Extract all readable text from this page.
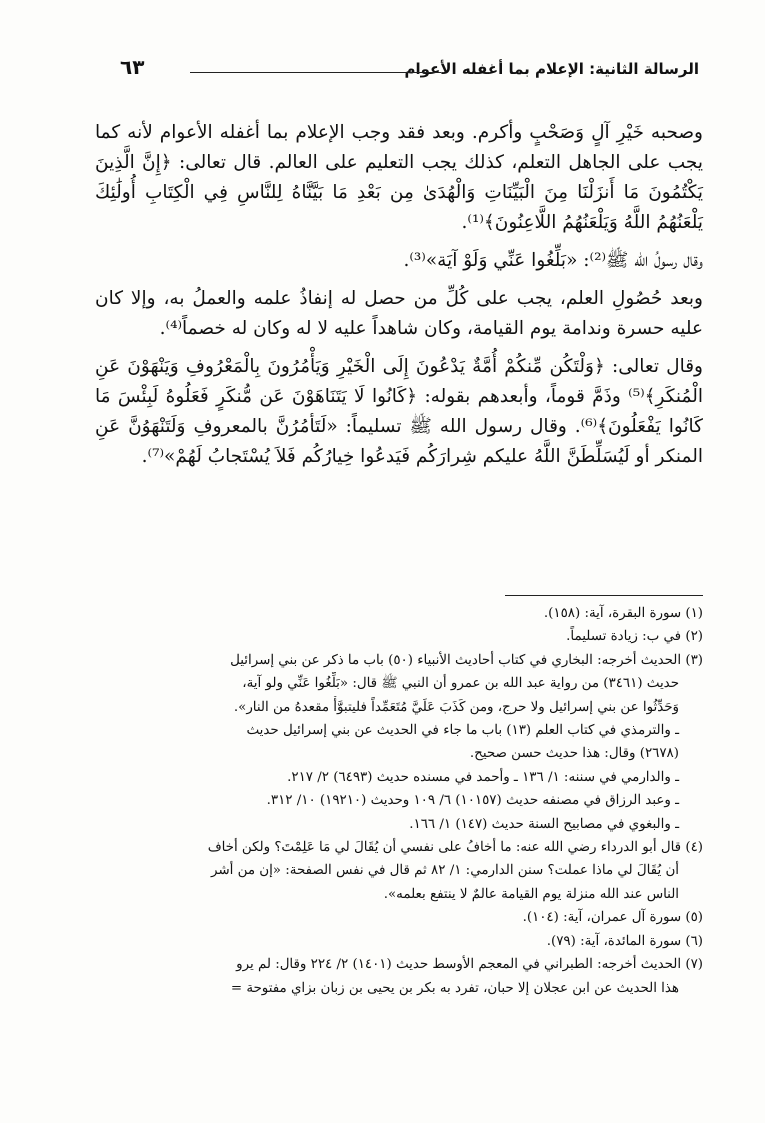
الرسالة الثانية: الإعلام بما أغفله الأعوام
٦٣

وصحبه خَيْرِ آلٍ وَصَحْبٍ وأكرم. وبعد فقد وجب الإعلام بما أغفله الأعوام لأنه كما يجب على الجاهل التعلم، كذلك يجب التعليم على العالم. قال تعالى: ﴿إِنَّ الَّذِينَ يَكْتُمُونَ مَا أَنزَلْنَا مِنَ الْبَيِّنَاتِ وَالْهُدَىٰ مِن بَعْدِ مَا بَيَّنَّاهُ لِلنَّاسِ فِي الْكِتَابِ أُولَٰئِكَ يَلْعَنُهُمُ اللَّهُ وَيَلْعَنُهُمُ اللَّاعِنُونَ﴾⁽¹⁾.

وقال رسولُ الله ﷺ⁽²⁾: «بَلِّغُوا عَنِّي وَلَوْ آيَة»⁽³⁾.

وبعد حُصُولِ العلم، يجب على كُلِّ من حصل له إنفاذُ علمه والعملُ به، وإلا كان عليه حسرة وندامة يوم القيامة، وكان شاهداً عليه لا له وكان له خصماً⁽⁴⁾.

وقال تعالى: ﴿وَلْتَكُن مِّنكُمْ أُمَّةٌ يَدْعُونَ إِلَى الْخَيْرِ وَيَأْمُرُونَ بِالْمَعْرُوفِ وَيَنْهَوْنَ عَنِ الْمُنكَرِ﴾⁽⁵⁾ وذَمَّ قوماً، وأبعدهم بقوله: ﴿كَانُوا لَا يَتَنَاهَوْنَ عَن مُّنكَرٍ فَعَلُوهُ لَبِئْسَ مَا كَانُوا يَفْعَلُونَ﴾⁽⁶⁾. وقال رسول الله ﷺ تسليماً: «لَتَأمُرُنَّ بالمعروفِ وَلَتَنْهَوُنَّ عَنِ المنكر أو لَيُسَلِّطَنَّ اللَّهُ عليكم شِرارَكُم فَيَدعُوا خِيارُكُم فَلاَ يُسْتَجابُ لَهُمْ»⁽⁷⁾.

(١) سورة البقرة، آية: (١٥٨).

(٢) في ب: زيادة تسليماً.

(٣) الحديث أخرجه: البخاري في كتاب أحاديث الأنبياء (٥٠) باب ما ذكر عن بني إسرائيل

حديث (٣٤٦١) من رواية عبد الله بن عمرو أن النبي ﷺ قال: «بَلِّغُوا عَنِّي ولو آية،

وَحَدِّثُوا عن بني إسرائيل ولا حرج، ومن كَذَبَ عَلَيَّ مُتَعَمِّداً فليتبوَّأْ مقعدهُ من النار».

ـ والترمذي في كتاب العلم (١٣) باب ما جاء في الحديث عن بني إسرائيل حديث

(٢٦٧٨) وقال: هذا حديث حسن صحيح.

ـ والدارمي في سننه: ١/ ١٣٦ ـ وأحمد في مسنده حديث (٦٤٩٣) ٢/ ٢١٧.

ـ وعبد الرزاق في مصنفه حديث (١٠١٥٧) ٦/ ١٠٩ وحديث (١٩٢١٠) ١٠/ ٣١٢.

ـ والبغوي في مصابيح السنة حديث (١٤٧) ١/ ١٦٦.

(٤) قال أبو الدرداء رضي الله عنه: ما أخافُ على نفسي أن يُقَالَ لي مَا عَلِمْتَ؟ ولكن أخاف

أن يُقَالَ لي ماذا عملت؟ سنن الدارمي: ١/ ٨٢ ثم قال في نفس الصفحة: «إن من أشر

الناس عند الله منزلة يوم القيامة عالمٌ لا ينتفع بعلمه».

(٥) سورة آل عمران، آية: (١٠٤).

(٦) سورة المائدة، آية: (٧٩).

(٧) الحديث أخرجه: الطبراني في المعجم الأوسط حديث (١٤٠١) ٢/ ٢٢٤ وقال: لم يرو

هذا الحديث عن ابن عجلان إلا حبان، تفرد به بكر بن يحيى بن زبان بزاي مفتوحة =
